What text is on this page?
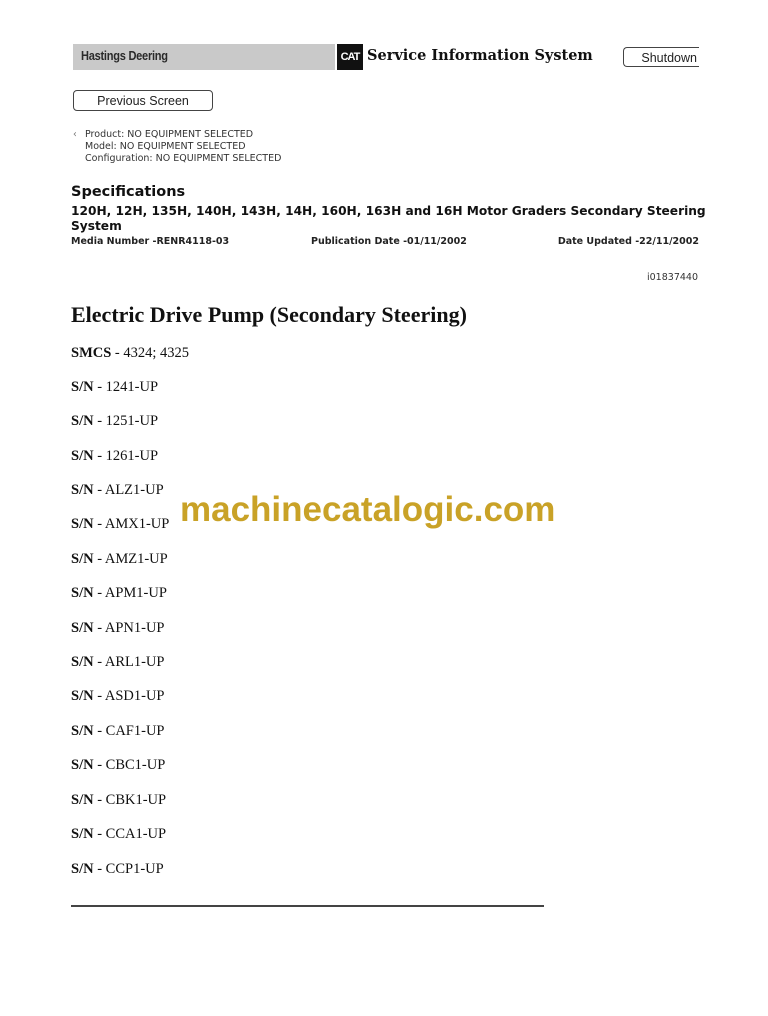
Hastings Deering	CAT Service Information System	Shutdown
Previous Screen
‹ Product: NO EQUIPMENT SELECTED
Model: NO EQUIPMENT SELECTED
Configuration: NO EQUIPMENT SELECTED
Specifications
120H, 12H, 135H, 140H, 143H, 14H, 160H, 163H and 16H Motor Graders Secondary Steering System
Media Number -RENR4118-03	Publication Date -01/11/2002	Date Updated -22/11/2002
i01837440
Electric Drive Pump (Secondary Steering)
SMCS - 4324; 4325
S/N - 1241-UP
S/N - 1251-UP
S/N - 1261-UP
S/N - ALZ1-UP
S/N - AMX1-UP
S/N - AMZ1-UP
S/N - APM1-UP
S/N - APN1-UP
S/N - ARL1-UP
S/N - ASD1-UP
S/N - CAF1-UP
S/N - CBC1-UP
S/N - CBK1-UP
S/N - CCA1-UP
S/N - CCP1-UP
machinecatalogic.com
